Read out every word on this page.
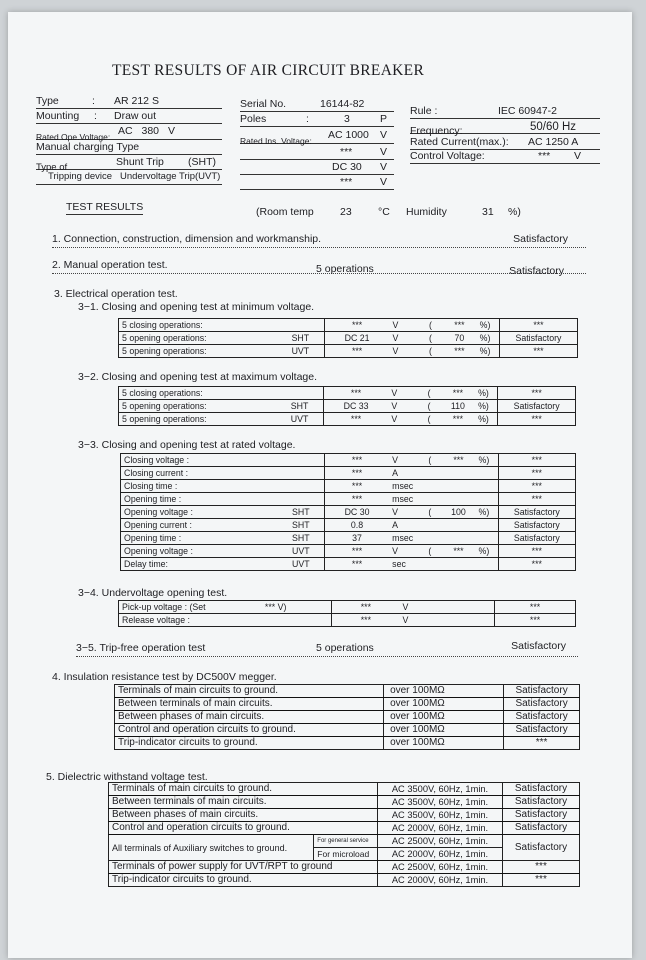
TEST RESULTS OF AIR CIRCUIT BREAKER
Type	: AR 212 S
Mounting : Draw out
Rated Ope.Voltage: AC 380 V
Manual charging Type
Type of	Shunt Trip (SHT)
Tripping device Undervoltage Trip(UVT)
Serial No.	16144-82
Poles	:	3	P
Rated Ins. Voltage: AC 1000 V
***	V
DC 30 V
***	V
Rule :	IEC 60947-2
Frequency:	50/60 Hz
Rated Current(max.): AC 1250 A
Control Voltage:	*** V
TEST RESULTS	(Room temp 23	°C Humidity	31 %)
1. Connection, construction, dimension and workmanship.	Satisfactory
2. Manual operation test.	5 operations	Satisfactory
3. Electrical operation test.
3−1. Closing and opening test at minimum voltage.
5 closing operations:		***	V	(	***	%)	***
5 opening operations:	SHT	DC 21	V	(	70	%)	Satisfactory
5 opening operations:	UVT	***	V	(	***	%)	***
3−2. Closing and opening test at maximum voltage.
5 closing operations:		***	V	(	***	%)	***
5 opening operations:	SHT	DC 33	V	(	110	%)	Satisfactory
5 opening operations:	UVT	***	V	(	***	%)	***
3−3. Closing and opening test at rated voltage.
Closing voltage :		***	V	(	***	%)	***
Closing current :		***	A				***
Closing time :		***	msec				***
Opening time :		***	msec				***
Opening voltage :	SHT	DC 30	V	(	100	%)	Satisfactory
Opening current :	SHT	0.8	A				Satisfactory
Opening time :	SHT	37	msec				Satisfactory
Opening voltage :	UVT	***	V	(	***	%)	***
Delay time:	UVT	***	sec				***
3−4. Undervoltage opening test.
Pick-up voltage : (Set	*** V)	***	V	***
Release voltage :		***	V	***
3−5. Trip-free operation test	5 operations	Satisfactory
4. Insulation resistance test by DC500V megger.
Terminals of main circuits to ground.	over 100MΩ	Satisfactory
Between terminals of main circuits.	over 100MΩ	Satisfactory
Between phases of main circuits.	over 100MΩ	Satisfactory
Control and operation circuits to ground.	over 100MΩ	Satisfactory
Trip-indicator circuits to ground.	over 100MΩ	***
5. Dielectric withstand voltage test.
Terminals of main circuits to ground.		AC 3500V, 60Hz, 1min.	Satisfactory
Between terminals of main circuits.		AC 3500V, 60Hz, 1min.	Satisfactory
Between phases of main circuits.		AC 3500V, 60Hz, 1min.	Satisfactory
Control and operation circuits to ground.		AC 2000V, 60Hz, 1min.	Satisfactory
All terminals of Auxiliary switches to ground.	For general service	AC 2500V, 60Hz, 1min.	Satisfactory
	For microload	AC 2000V, 60Hz, 1min.	
Terminals of power supply for UVT/RPT to ground		AC 2500V, 60Hz, 1min.	***
Trip-indicator circuits to ground.		AC 2000V, 60Hz, 1min.	***
